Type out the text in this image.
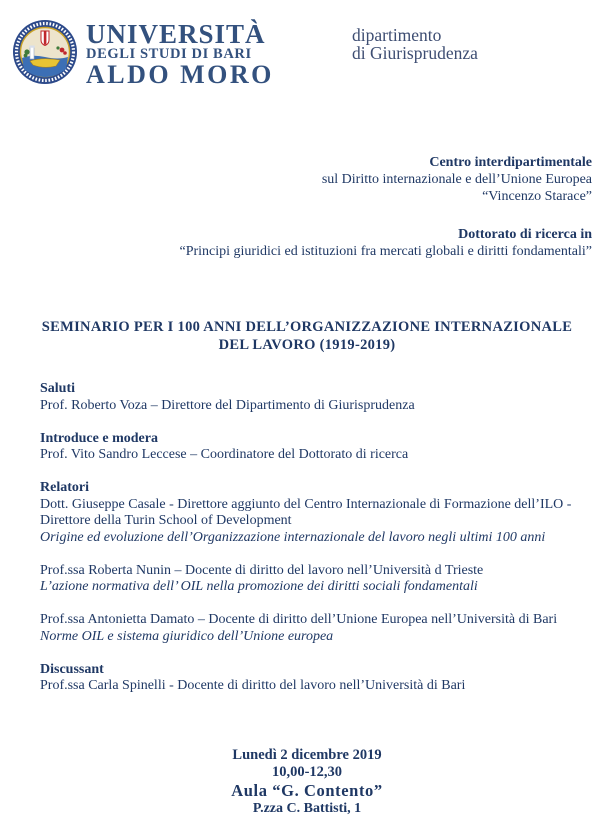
UNIVERSITÀ
DEGLI STUDI DI BARI
ALDO MORO
dipartimento
di Giurisprudenza
Centro interdipartimentale
sul Diritto internazionale e dell’Unione Europea
“Vincenzo Starace”
Dottorato di ricerca in
“Principi giuridici ed istituzioni fra mercati globali e diritti fondamentali”
SEMINARIO PER I 100 ANNI DELL’ORGANIZZAZIONE INTERNAZIONALE
DEL LAVORO (1919-2019)
Saluti
Prof. Roberto Voza – Direttore del Dipartimento di Giurisprudenza
Introduce e modera
Prof. Vito Sandro Leccese – Coordinatore del Dottorato di ricerca
Relatori
Dott. Giuseppe Casale - Direttore aggiunto del Centro Internazionale di Formazione dell’ILO - Direttore della Turin School of Development
Origine ed evoluzione dell’Organizzazione internazionale del lavoro negli ultimi 100 anni
Prof.ssa Roberta Nunin – Docente di diritto del lavoro nell’Università d Trieste
L’azione normativa dell’ OIL nella promozione dei diritti sociali fondamentali
Prof.ssa Antonietta Damato – Docente di diritto dell’Unione Europea nell’Università di Bari
Norme OIL e sistema giuridico dell’Unione europea
Discussant
Prof.ssa Carla Spinelli - Docente di diritto del lavoro nell’Università di Bari
Lunedì 2 dicembre 2019
10,00-12,30
Aula “G. Contento”
P.zza C. Battisti, 1
